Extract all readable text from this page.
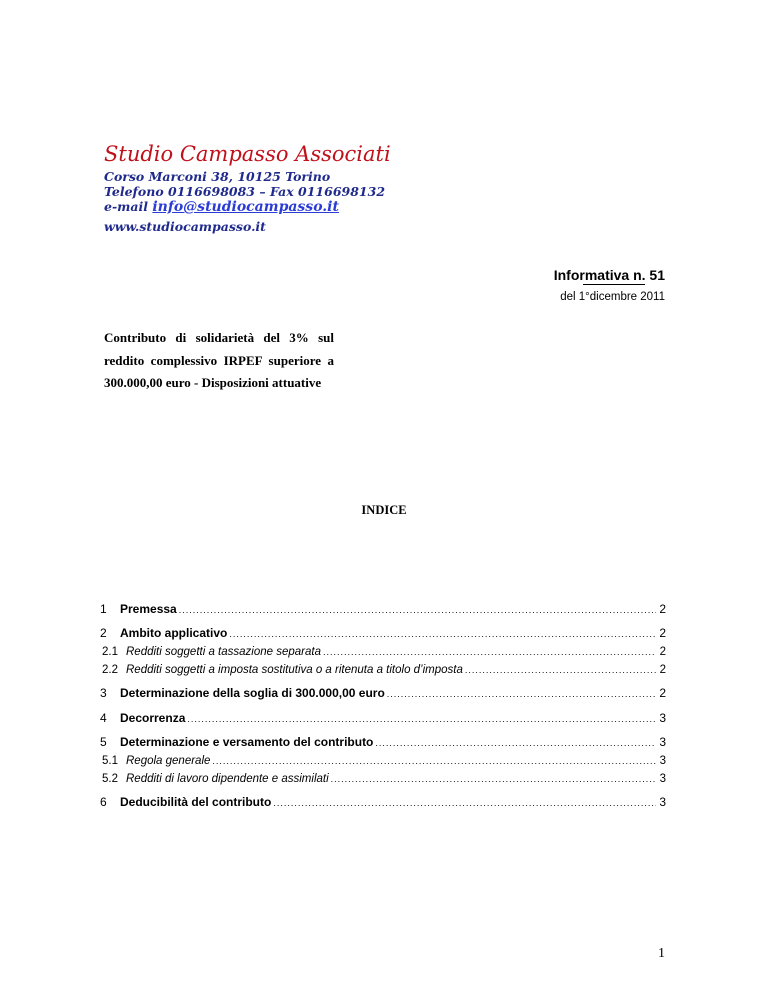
Studio Campasso Associati
Corso Marconi 38, 10125 Torino
Telefono 0116698083 – Fax 0116698132
e-mail info@studiocampasso.it
www.studiocampasso.it
Informativa n. 51
del 1°dicembre 2011
Contributo di solidarietà del 3% sul reddito complessivo IRPEF superiore a 300.000,00 euro - Disposizioni attuative
INDICE
1	Premessa .....	2
2	Ambito applicativo .....	2
2.1 Redditi soggetti a tassazione separata .....	2
2.2 Redditi soggetti a imposta sostitutiva o a ritenuta a titolo d’imposta .....	2
3	Determinazione della soglia di 300.000,00 euro .....	2
4	Decorrenza .....	3
5	Determinazione e versamento del contributo .....	3
5.1 Regola generale .....	3
5.2 Redditi di lavoro dipendente e assimilati .....	3
6	Deducibilità del contributo .....	3
1
